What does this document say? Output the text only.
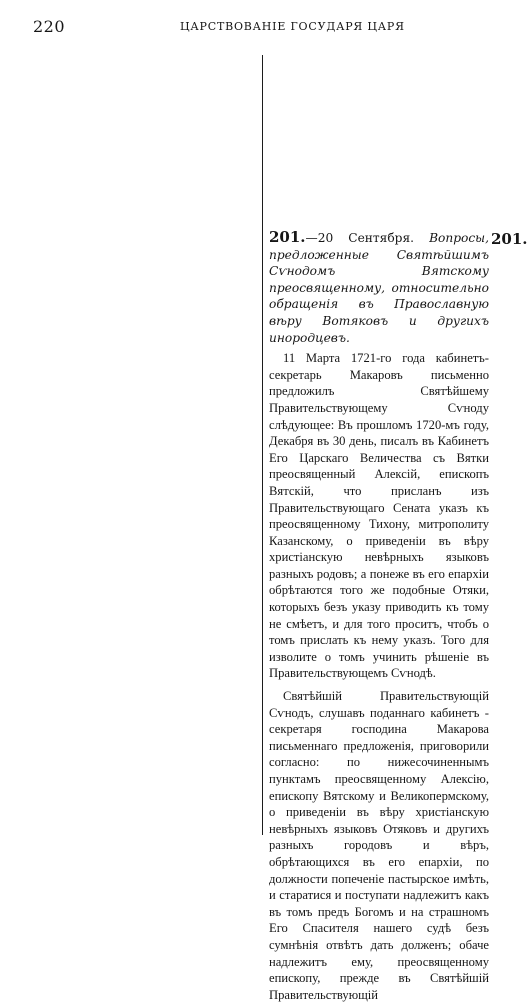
220	ЦАРСТВОВАНІЕ ГОСУДАРЯ ЦАРЯ
201.

201.—20 Сентября. Вопросы, предложенные Святѣйшимъ Сѵнодомъ Вятскому преосвященному, относительно обращенія въ Православную вѣру Вотяковъ и другихъ инородцевъ.

11 Марта 1721-го года кабинетъ-секретарь Макаровъ письменно предложилъ Святѣйшему Правительствующему Сѵноду слѣдующее: Въ прошломъ 1720-мъ году, Декабря въ 30 день, писалъ въ Кабинетъ Его Царскаго Величества съ Вятки преосвященный Алексій, епископъ Вятскій, что присланъ изъ Правительствующаго Сената указъ къ преосвященному Тихону, митрополиту Казанскому, о приведеніи въ вѣру христіанскую невѣрныхъ языковъ разныхъ родовъ; а понеже въ его епархіи обрѣтаются того же подобные Отяки, которыхъ безъ указу приводить къ тому не смѣетъ, и для того проситъ, чтобъ о томъ прислать къ нему указъ. Того для изволите о томъ учинить рѣшеніе въ Правительствующемъ Сѵнодѣ.

Святѣйшій Правительствующій Сѵнодъ, слушавъ поданнаго кабинетъ - секретаря господина Макарова письменнаго предложенія, приговорили согласно: по нижесочиненнымъ пунктамъ преосвященному Алексію, епископу Вятскому и Великопермскому, о приведеніи въ вѣру христіанскую невѣрныхъ языковъ Отяковъ и другихъ разныхъ городовъ и вѣръ, обрѣтающихся въ его епархіи, по должности попеченіе пастырское имѣть, и старатися и поступати надлежитъ какъ въ томъ предъ Богомъ и на страшномъ Его Спасителя нашего судѣ безъ сумнѣнія отвѣтъ дать долженъ; обаче надлежитъ ему, преосвященному епископу, прежде въ Святѣйшій Правительствующій
